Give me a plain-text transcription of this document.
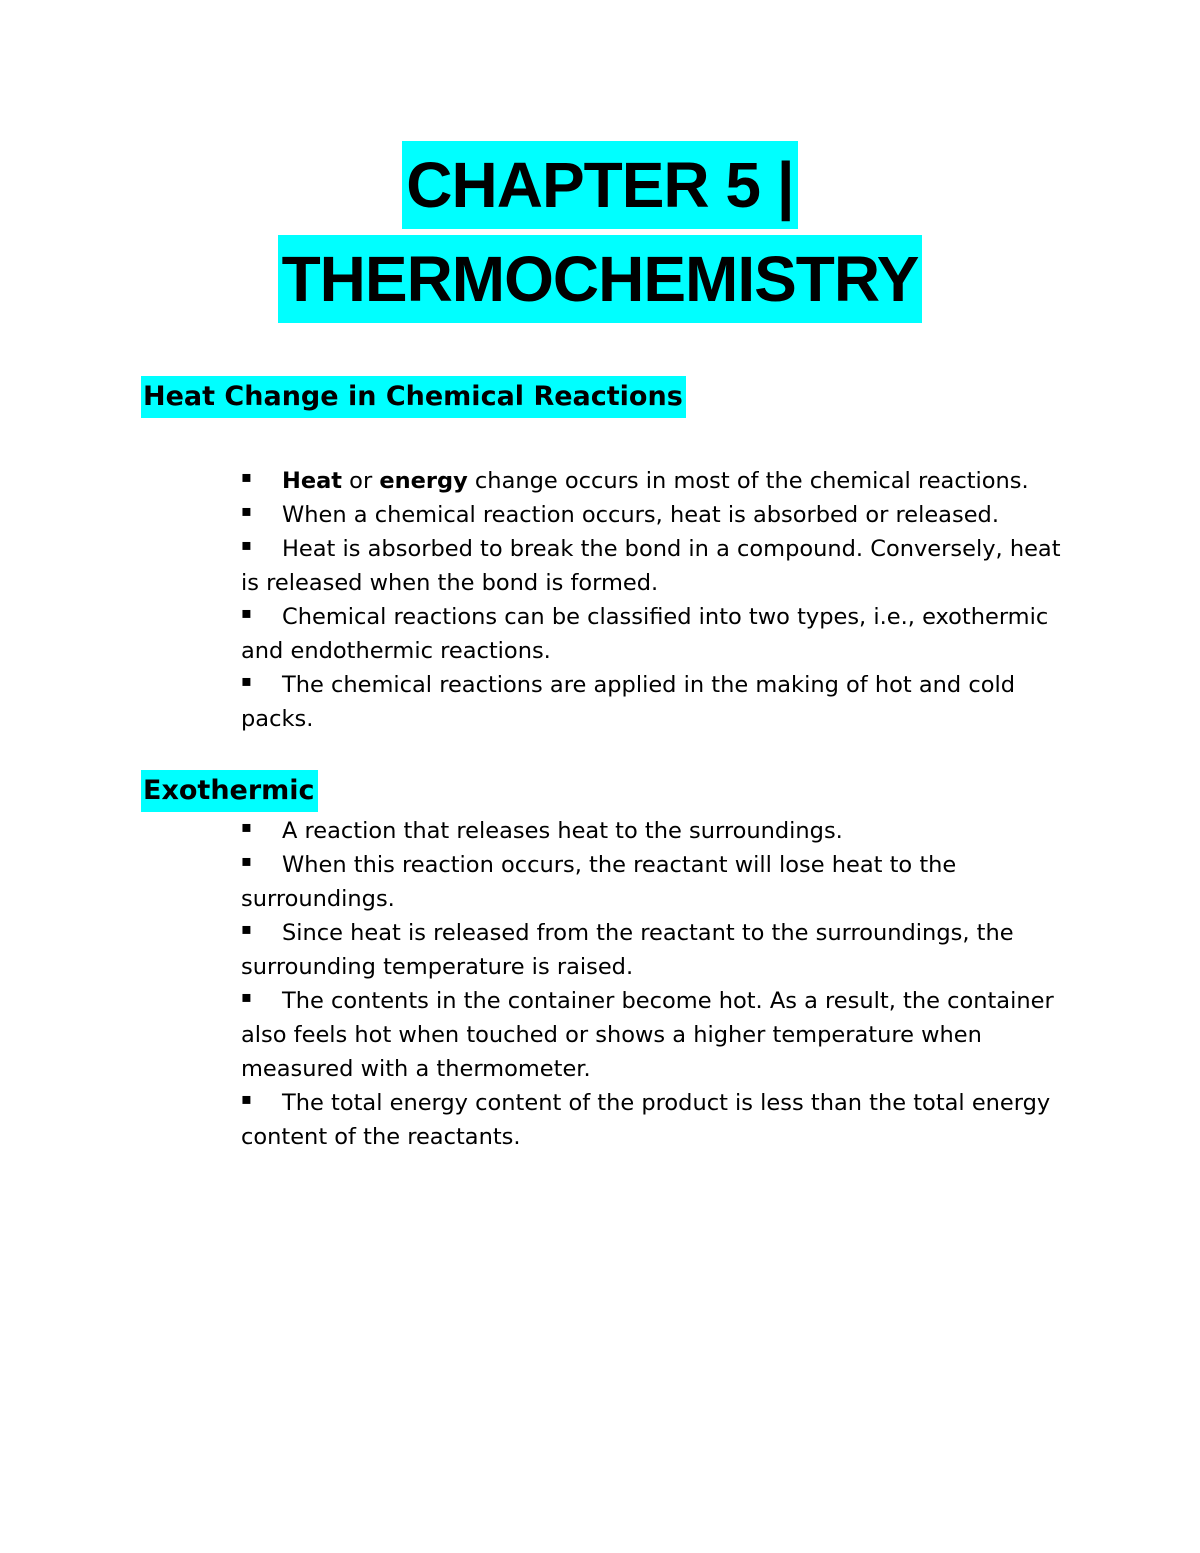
CHAPTER 5 |
THERMOCHEMISTRY
Heat Change in Chemical Reactions
▪ Heat or energy change occurs in most of the chemical reactions.
▪ When a chemical reaction occurs, heat is absorbed or released.
▪ Heat is absorbed to break the bond in a compound. Conversely, heat is released when the bond is formed.
▪ Chemical reactions can be classified into two types, i.e., exothermic and endothermic reactions.
▪ The chemical reactions are applied in the making of hot and cold packs.
Exothermic
▪ A reaction that releases heat to the surroundings.
▪ When this reaction occurs, the reactant will lose heat to the surroundings.
▪ Since heat is released from the reactant to the surroundings, the surrounding temperature is raised.
▪ The contents in the container become hot. As a result, the container also feels hot when touched or shows a higher temperature when measured with a thermometer.
▪ The total energy content of the product is less than the total energy content of the reactants.
